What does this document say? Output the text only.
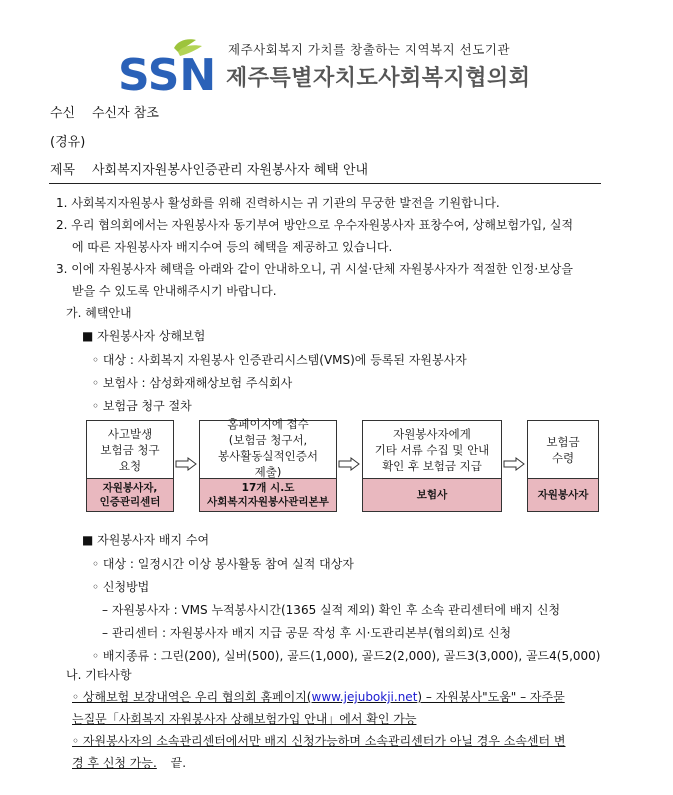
SSN
제주사회복지 가치를 창출하는 지역복지 선도기관
제주특별자치도사회복지협의회
수신 수신자 참조
(경유)
제목 사회복지자원봉사인증관리 자원봉사자 혜택 안내
1. 사회복지자원봉사 활성화를 위해 진력하시는 귀 기관의 무궁한 발전을 기원합니다.
2. 우리 협의회에서는 자원봉사자 동기부여 방안으로 우수자원봉사자 표창수여, 상해보험가입, 실적
에 따른 자원봉사자 배지수여 등의 혜택을 제공하고 있습니다.
3. 이에 자원봉사자 혜택을 아래와 같이 안내하오니, 귀 시설·단체 자원봉사자가 적절한 인정·보상을
받을 수 있도록 안내해주시기 바랍니다.
가. 혜택안내
■ 자원봉사자 상해보험
◦ 대상 : 사회복지 자원봉사 인증관리시스템(VMS)에 등록된 자원봉사자
◦ 보험사 : 삼성화재해상보험 주식회사
◦ 보험금 청구 절차
사고발생
보험금 청구
요청
자원봉사자,
인증관리센터
홈페이지에 접수
(보험금 청구서,
봉사활동실적인증서
제출)
17개 시.도
사회복지자원봉사관리본부
자원봉사자에게
기타 서류 수집 및 안내
확인 후 보험금 지급
보험사
보험금
수령
자원봉사자
■ 자원봉사자 배지 수여
◦ 대상 : 일정시간 이상 봉사활동 참여 실적 대상자
◦ 신청방법
– 자원봉사자 : VMS 누적봉사시간(1365 실적 제외) 확인 후 소속 관리센터에 배지 신청
– 관리센터 : 자원봉사자 배지 지급 공문 작성 후 시·도관리본부(협의회)로 신청
◦ 배지종류 : 그린(200), 실버(500), 골드(1,000), 골드2(2,000), 골드3(3,000), 골드4(5,000)
나. 기타사항
◦ 상해보험 보장내역은 우리 협의회 홈페이지(www.jejubokji.net) – 자원봉사"도움" – 자주묻
는질문「사회복지 자원봉사자 상해보험가입 안내」에서 확인 가능
◦ 자원봉사자의 소속관리센터에서만 배지 신청가능하며 소속관리센터가 아닐 경우 소속센터 변
경 후 신청 가능. 끝.
